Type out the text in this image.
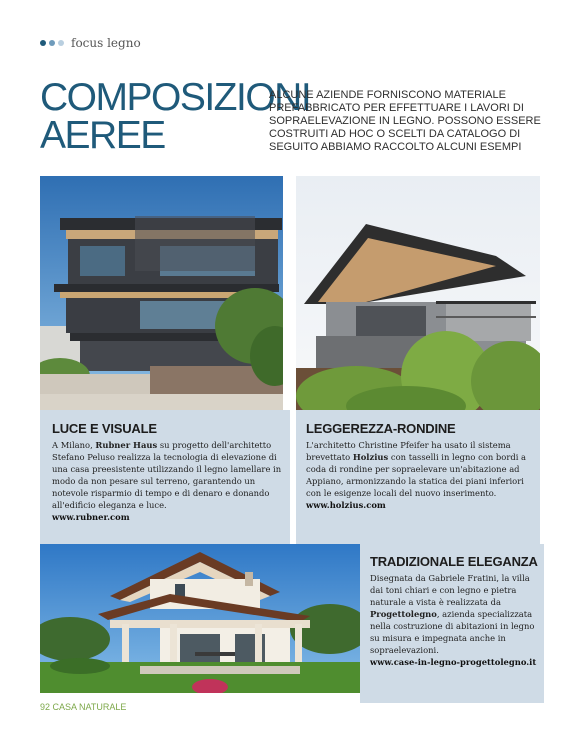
focus legno
COMPOSIZIONI
AEREE

ALCUNE AZIENDE FORNISCONO MATERIALE PREFABBRICATO PER EFFETTUARE I LAVORI DI SOPRAELEVAZIONE IN LEGNO. POSSONO ESSERE COSTRUITI AD HOC O SCELTI DA CATALOGO DI SEGUITO ABBIAMO RACCOLTO ALCUNI ESEMPI

LUCE E VISUALE
A Milano, Rubner Haus su progetto dell'architetto Stefano Peluso realizza la tecnologia di elevazione di una casa preesistente utilizzando il legno lamellare in modo da non pesare sul terreno, garantendo un notevole risparmio di tempo e di denaro e donando all'edificio eleganza e luce.
www.rubner.com
LEGGEREZZA-RONDINE
L'architetto Christine Pfeifer ha usato il sistema brevettato Holzius con tasselli in legno con bordi a coda di rondine per sopraelevare un'abitazione ad Appiano, armonizzando la statica dei piani inferiori con le esigenze locali del nuovo inserimento.
www.holzius.com
TRADIZIONALE ELEGANZA
Disegnata da Gabriele Fratini, la villa dai toni chiari e con legno e pietra naturale a vista è realizzata da Progettolegno, azienda specializzata nella costruzione di abitazioni in legno su misura e impegnata anche in sopraelevazioni.
www.case-in-legno-progettolegno.it
92 CASA NATURALE
